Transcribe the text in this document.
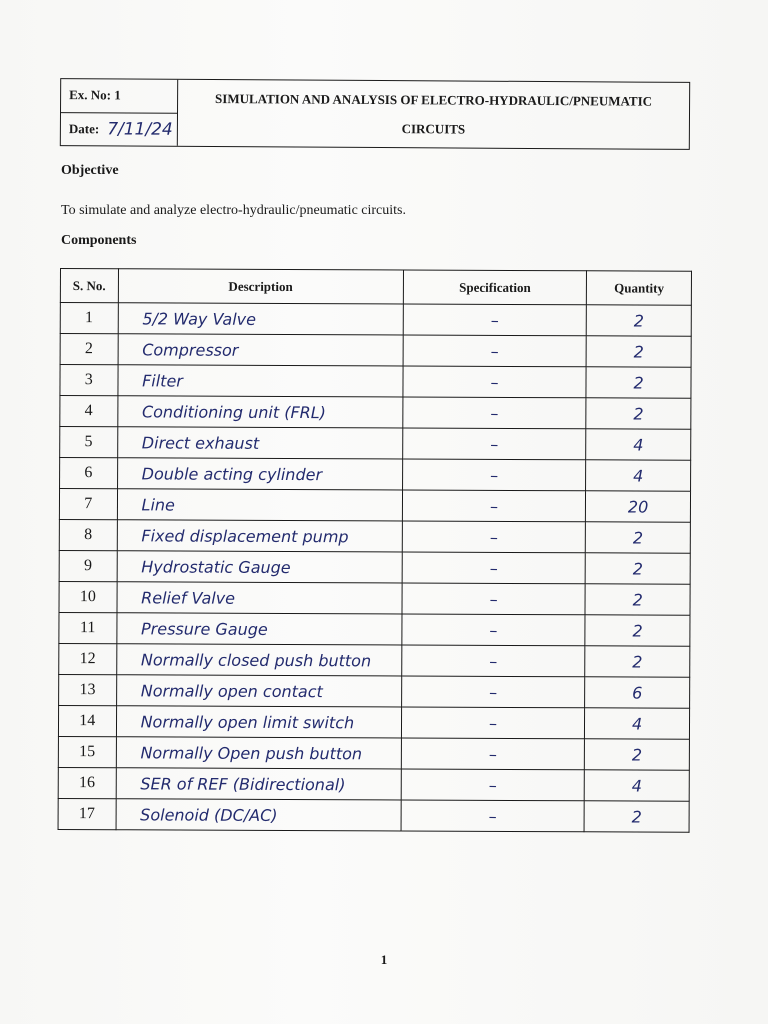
Ex. No: 1
Date: 7/11/24
SIMULATION AND ANALYSIS OF ELECTRO-HYDRAULIC/PNEUMATIC CIRCUITS
Objective
To simulate and analyze electro-hydraulic/pneumatic circuits.
Components
S. No.	Description	Specification	Quantity
1	5/2 Way Valve	–	2
2	Compressor	–	2
3	Filter	–	2
4	Conditioning unit (FRL)	–	2
5	Direct exhaust	–	4
6	Double acting cylinder	–	4
7	Line	–	20
8	Fixed displacement pump	–	2
9	Hydrostatic Gauge	–	2
10	Relief Valve	–	2
11	Pressure Gauge	–	2
12	Normally closed push button	–	2
13	Normally open contact	–	6
14	Normally open limit switch	–	4
15	Normally Open push button	–	2
16	SER of REF (Bidirectional)	–	4
17	Solenoid (DC/AC)	–	2
1
